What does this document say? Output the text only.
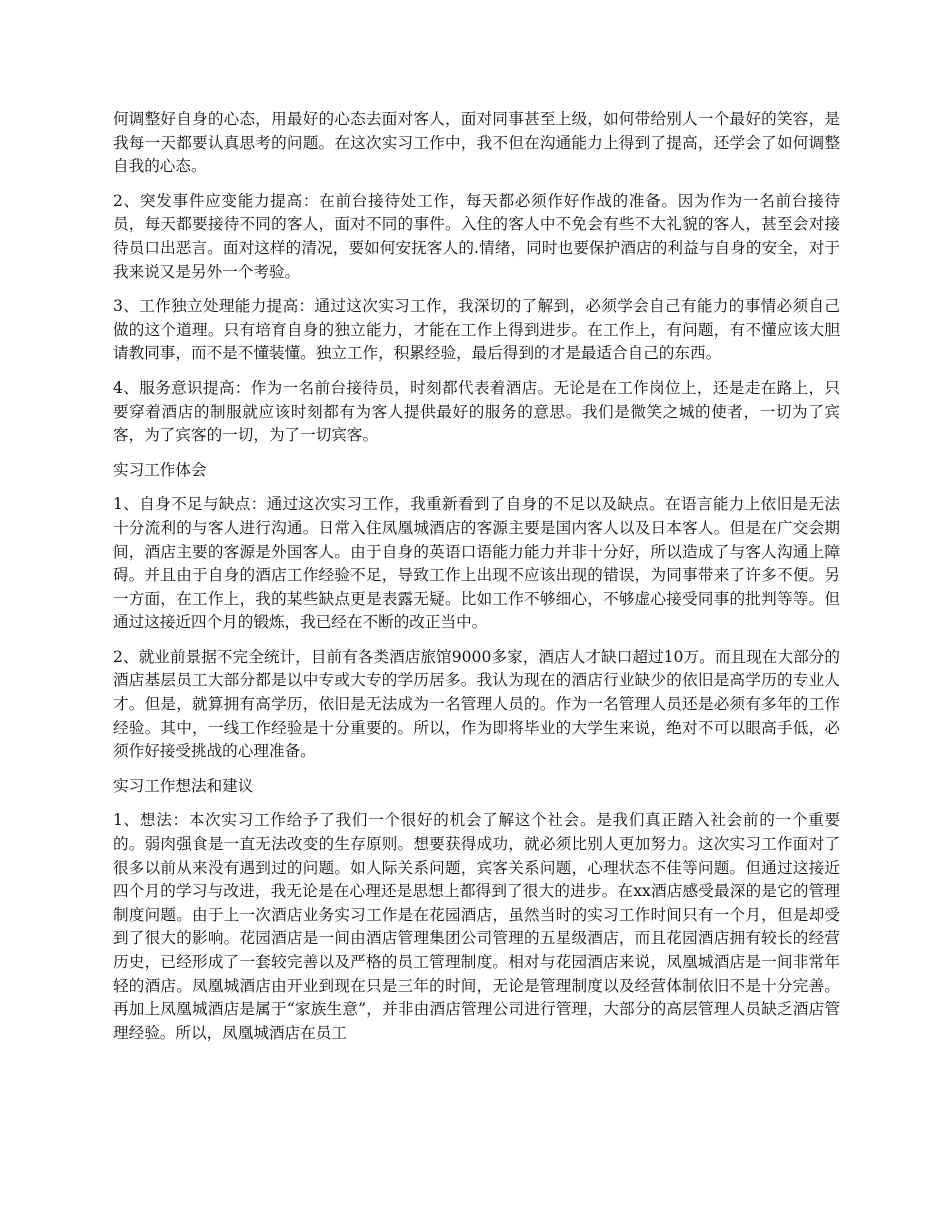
何调整好自身的心态，用最好的心态去面对客人，面对同事甚至上级，如何带给别人一个最好的笑容，是我每一天都要认真思考的问题。在这次实习工作中，我不但在沟通能力上得到了提高，还学会了如何调整自我的心态。

2、突发事件应变能力提高：在前台接待处工作，每天都必须作好作战的准备。因为作为一名前台接待员，每天都要接待不同的客人，面对不同的事件。入住的客人中不免会有些不大礼貌的客人，甚至会对接待员口出恶言。面对这样的清况，要如何安抚客人的.情绪，同时也要保护酒店的利益与自身的安全，对于我来说又是另外一个考验。

3、工作独立处理能力提高：通过这次实习工作，我深切的了解到，必须学会自己有能力的事情必须自己做的这个道理。只有培育自身的独立能力，才能在工作上得到进步。在工作上，有问题，有不懂应该大胆请教同事，而不是不懂装懂。独立工作，积累经验，最后得到的才是最适合自己的东西。

4、服务意识提高：作为一名前台接待员，时刻都代表着酒店。无论是在工作岗位上，还是走在路上，只要穿着酒店的制服就应该时刻都有为客人提供最好的服务的意思。我们是微笑之城的使者，一切为了宾客，为了宾客的一切，为了一切宾客。

实习工作体会

1、自身不足与缺点：通过这次实习工作，我重新看到了自身的不足以及缺点。在语言能力上依旧是无法十分流利的与客人进行沟通。日常入住凤凰城酒店的客源主要是国内客人以及日本客人。但是在广交会期间，酒店主要的客源是外国客人。由于自身的英语口语能力能力并非十分好，所以造成了与客人沟通上障碍。并且由于自身的酒店工作经验不足，导致工作上出现不应该出现的错误，为同事带来了许多不便。另一方面，在工作上，我的某些缺点更是表露无疑。比如工作不够细心，不够虚心接受同事的批判等等。但通过这接近四个月的锻炼，我已经在不断的改正当中。

2、就业前景据不完全统计，目前有各类酒店旅馆9000多家，酒店人才缺口超过10万。而且现在大部分的酒店基层员工大部分都是以中专或大专的学历居多。我认为现在的酒店行业缺少的依旧是高学历的专业人才。但是，就算拥有高学历，依旧是无法成为一名管理人员的。作为一名管理人员还是必须有多年的工作经验。其中，一线工作经验是十分重要的。所以，作为即将毕业的大学生来说，绝对不可以眼高手低，必须作好接受挑战的心理准备。

实习工作想法和建议

1、想法：本次实习工作给予了我们一个很好的机会了解这个社会。是我们真正踏入社会前的一个重要的。弱肉强食是一直无法改变的生存原则。想要获得成功，就必须比别人更加努力。这次实习工作面对了很多以前从来没有遇到过的问题。如人际关系问题，宾客关系问题，心理状态不佳等问题。但通过这接近四个月的学习与改进，我无论是在心理还是思想上都得到了很大的进步。在xx酒店感受最深的是它的管理制度问题。由于上一次酒店业务实习工作是在花园酒店，虽然当时的实习工作时间只有一个月，但是却受到了很大的影响。花园酒店是一间由酒店管理集团公司管理的五星级酒店，而且花园酒店拥有较长的经营历史，已经形成了一套较完善以及严格的员工管理制度。相对与花园酒店来说，凤凰城酒店是一间非常年轻的酒店。凤凰城酒店由开业到现在只是三年的时间，无论是管理制度以及经营体制依旧不是十分完善。再加上凤凰城酒店是属于“家族生意”，并非由酒店管理公司进行管理，大部分的高层管理人员缺乏酒店管理经验。所以，凤凰城酒店在员工
